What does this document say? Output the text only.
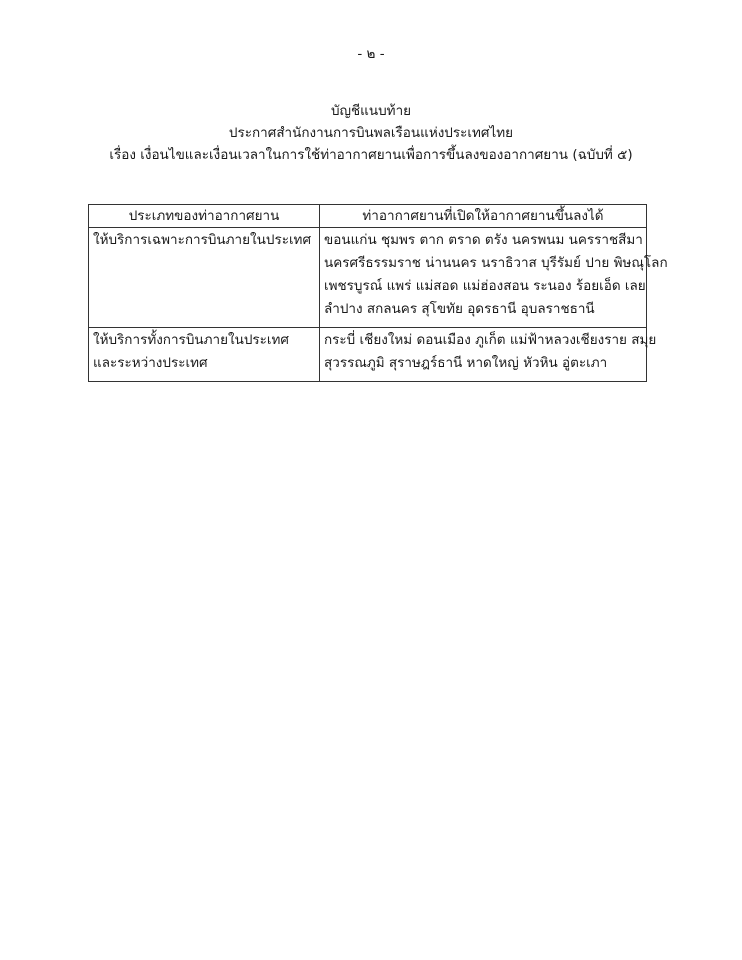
- ๒ -
บัญชีแนบท้าย
ประกาศสำนักงานการบินพลเรือนแห่งประเทศไทย
เรื่อง เงื่อนไขและเงื่อนเวลาในการใช้ท่าอากาศยานเพื่อการขึ้นลงของอากาศยาน (ฉบับที่ ๕)
ประเภทของท่าอากาศยาน	ท่าอากาศยานที่เปิดให้อากาศยานขึ้นลงได้

ให้บริการเฉพาะการบินภายในประเทศ	ขอนแก่น ชุมพร ตาก ตราด ตรัง นครพนม นครราชสีมา
นครศรีธรรมราช น่านนคร นราธิวาส บุรีรัมย์ ปาย พิษณุโลก
เพชรบูรณ์ แพร่ แม่สอด แม่ฮ่องสอน ระนอง ร้อยเอ็ด เลย
ลำปาง สกลนคร สุโขทัย อุดรธานี อุบลราชธานี

ให้บริการทั้งการบินภายในประเทศ
และระหว่างประเทศ	กระบี่ เชียงใหม่ ดอนเมือง ภูเก็ต แม่ฟ้าหลวงเชียงราย สมุย
สุวรรณภูมิ สุราษฎร์ธานี หาดใหญ่ หัวหิน อู่ตะเภา
